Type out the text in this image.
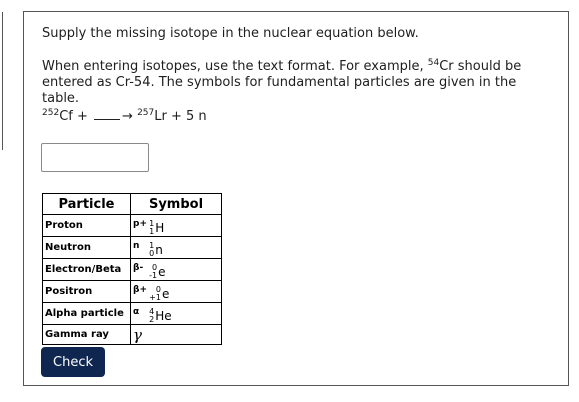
Supply the missing isotope in the nuclear equation below.
When entering isotopes, use the text format. For example, $^{54}$Cr should be entered as Cr-54. The symbols for fundamental particles are given in the table.
$^{252}$Cf +	→ $^{257}$Lr + 5 n
Particle	Symbol
Proton	p+ 1
1 H

Neutron	n 1
0 n

Electron/Beta	β- 0
-1 e

Positron	β+ 0
+1 e

Alpha particle	α 4
2 He

Gamma ray	γ
Check
